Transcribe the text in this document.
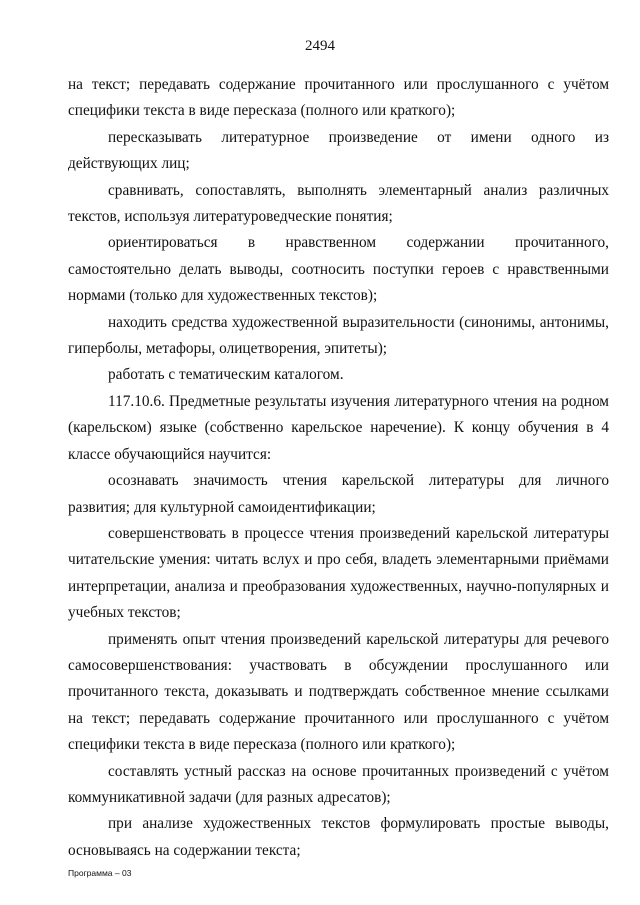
2494

на текст; передавать содержание прочитанного или прослушанного с учётом специфики текста в виде пересказа (полного или краткого);

пересказывать литературное произведение от имени одного из действующих лиц;

сравнивать, сопоставлять, выполнять элементарный анализ различных текстов, используя литературоведческие понятия;

ориентироваться в нравственном содержании прочитанного, самостоятельно делать выводы, соотносить поступки героев с нравственными нормами (только для художественных текстов);

находить средства художественной выразительности (синонимы, антонимы, гиперболы, метафоры, олицетворения, эпитеты);

работать с тематическим каталогом.

117.10.6. Предметные результаты изучения литературного чтения на родном (карельском) языке (собственно карельское наречение). К концу обучения в 4 классе обучающийся научится:

осознавать значимость чтения карельской литературы для личного развития; для культурной самоидентификации;

совершенствовать в процессе чтения произведений карельской литературы читательские умения: читать вслух и про себя, владеть элементарными приёмами интерпретации, анализа и преобразования художественных, научно-популярных и учебных текстов;

применять опыт чтения произведений карельской литературы для речевого самосовершенствования: участвовать в обсуждении прослушанного или прочитанного текста, доказывать и подтверждать собственное мнение ссылками на текст; передавать содержание прочитанного или прослушанного с учётом специфики текста в виде пересказа (полного или краткого);

составлять устный рассказ на основе прочитанных произведений с учётом коммуникативной задачи (для разных адресатов);

при анализе художественных текстов формулировать простые выводы, основываясь на содержании текста;

Программа – 03
